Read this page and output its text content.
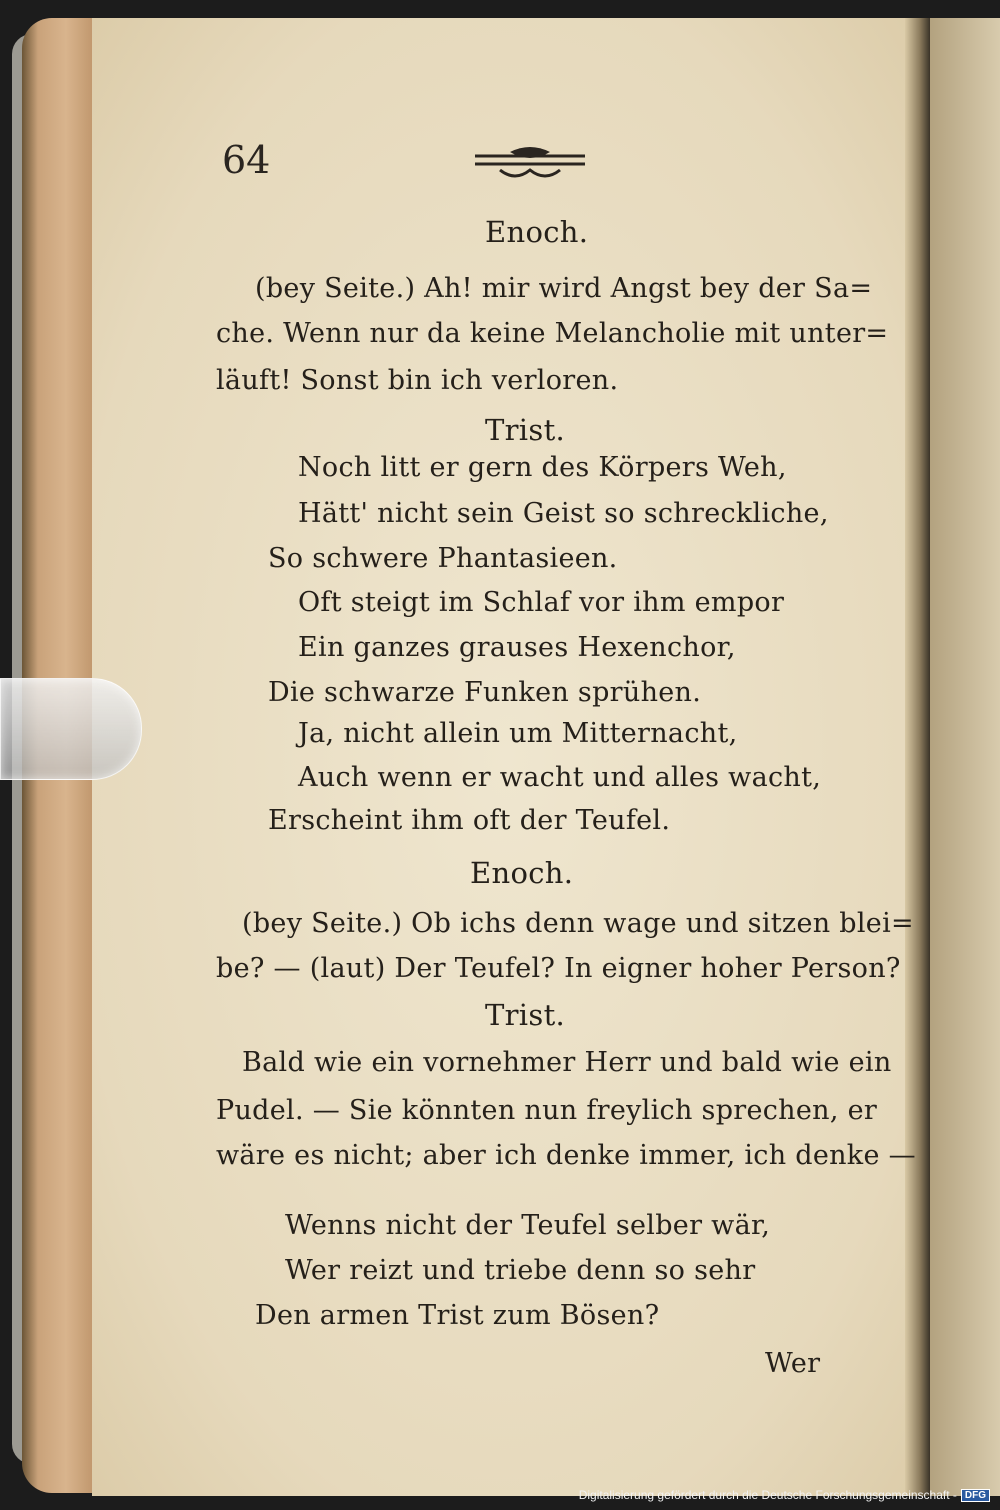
64
Enoch.
(bey Seite.) Ah! mir wird Angst bey der Sa=
che. Wenn nur da keine Melancholie mit unter=
läuft! Sonst bin ich verloren.
Trist.
Noch litt er gern des Körpers Weh,
Hätt' nicht sein Geist so schreckliche,
So schwere Phantasieen.
Oft steigt im Schlaf vor ihm empor
Ein ganzes grauses Hexenchor,
Die schwarze Funken sprühen.
Ja, nicht allein um Mitternacht,
Auch wenn er wacht und alles wacht,
Erscheint ihm oft der Teufel.
Enoch.
(bey Seite.) Ob ichs denn wage und sitzen blei=
be? — (laut) Der Teufel? In eigner hoher Person?
Trist.
Bald wie ein vornehmer Herr und bald wie ein
Pudel. — Sie könnten nun freylich sprechen, er
wäre es nicht; aber ich denke immer, ich denke —
Wenns nicht der Teufel selber wär,
Wer reizt und triebe denn so sehr
Den armen Trist zum Bösen?
Wer
Digitalisierung gefördert durch die Deutsche Forschungsgemeinschaft - DFG
